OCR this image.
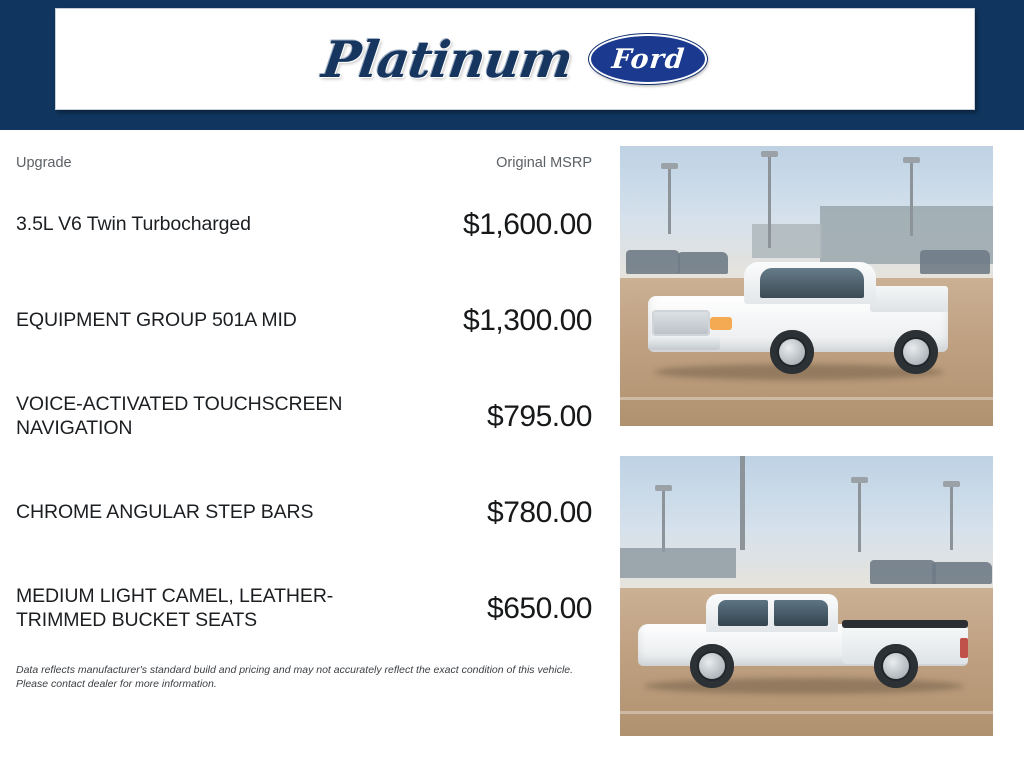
Platinum Ford
Upgrade	Original MSRP
3.5L V6 Twin Turbocharged	$1,600.00
EQUIPMENT GROUP 501A MID	$1,300.00
VOICE-ACTIVATED TOUCHSCREEN NAVIGATION	$795.00
CHROME ANGULAR STEP BARS	$780.00
MEDIUM LIGHT CAMEL, LEATHER-TRIMMED BUCKET SEATS	$650.00
Data reflects manufacturer's standard build and pricing and may not accurately reflect the exact condition of this vehicle. Please contact dealer for more information.
